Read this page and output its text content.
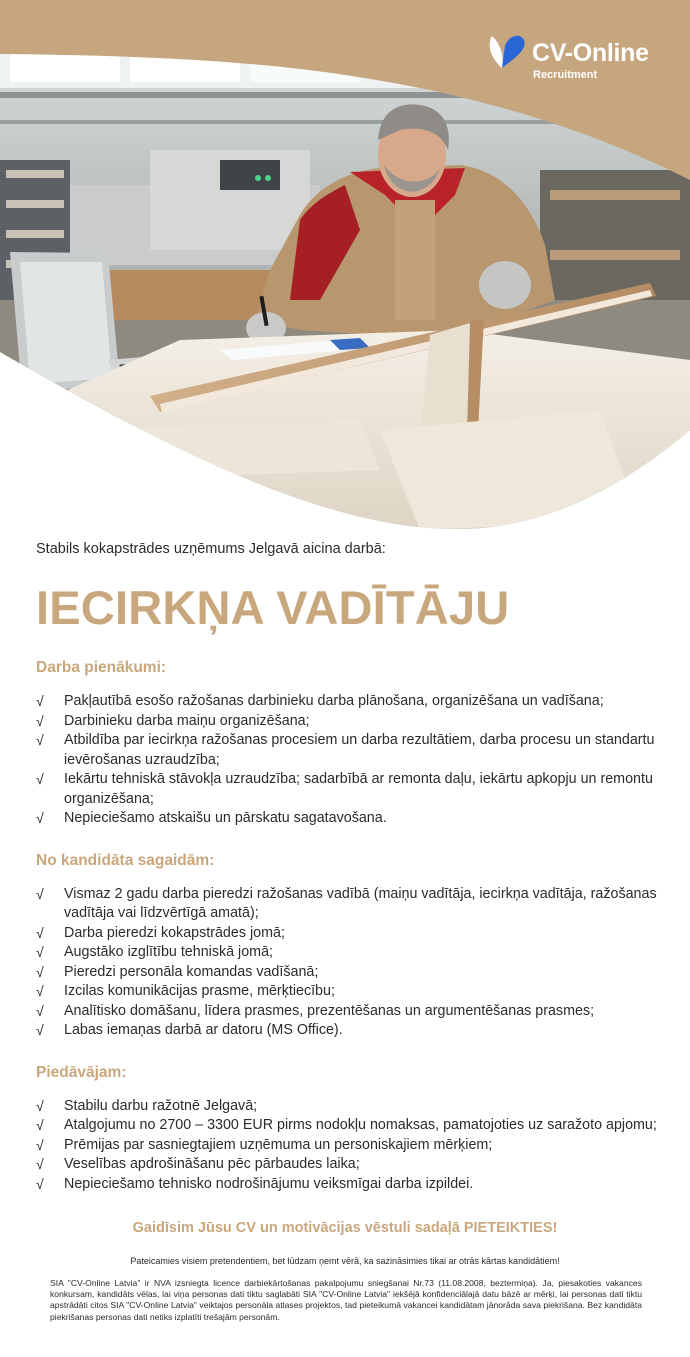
CV-Online
Recruitment

Stabils kokapstrādes uzņēmums Jelgavā aicina darbā:

IECIRKŅA VADĪTĀJU
Darba pienākumi:
√	Pakļautībā esošo ražošanas darbinieku darba plānošana, organizēšana un vadīšana;
√	Darbinieku darba maiņu organizēšana;
√	Atbildība par iecirkņa ražošanas procesiem un darba rezultātiem, darba procesu un standartu ievērošanas uzraudzība;
√	Iekārtu tehniskā stāvokļa uzraudzība; sadarbībā ar remonta daļu, iekārtu apkopju un remontu organizēšana;
√	Nepieciešamo atskaišu un pārskatu sagatavošana.
No kandidāta sagaidām:
√	Vismaz 2 gadu darba pieredzi ražošanas vadībā (maiņu vadītāja, iecirkņa vadītāja, ražošanas vadītāja vai līdzvērtīgā amatā);
√	Darba pieredzi kokapstrādes jomā;
√	Augstāko izglītību tehniskā jomā;
√	Pieredzi personāla komandas vadīšanā;
√	Izcilas komunikācijas prasme, mērķtiecību;
√	Analītisko domāšanu, līdera prasmes, prezentēšanas un argumentēšanas prasmes;
√	Labas iemaņas darbā ar datoru (MS Office).
Piedāvājam:
√	Stabilu darbu ražotnē Jelgavā;
√	Atalgojumu no 2700 – 3300 EUR pirms nodokļu nomaksas, pamatojoties uz saražoto apjomu;
√	Prēmijas par sasniegtajiem uzņēmuma un personiskajiem mērķiem;
√	Veselības apdrošināšanu pēc pārbaudes laika;
√	Nepieciešamo tehnisko nodrošinājumu veiksmīgai darba izpildei.

Gaidīsim Jūsu CV un motivācijas vēstuli sadaļā PIETEIKTIES!

Pateicamies visiem pretendentiem, bet lūdzam ņemt vērā, ka sazināsimies tikai ar otrās kārtas kandidātiem!

SIA "CV-Online Latvia" ir NVA izsniegta licence darbiekārtošanas pakalpojumu sniegšanai Nr.73 (11.08.2008, beztermiņa). Ja, piesakoties vakances konkursam, kandidāts vēlas, lai viņa personas dati tiktu saglabāti SIA "CV-Online Latvia" iekšējā konfidenciālajā datu bāzē ar mērķi, lai personas dati tiktu apstrādāti citos SIA "CV-Online Latvia" veiktajos personāla atlases projektos, tad pieteikumā vakancei kandidātam jānorāda sava piekrišana. Bez kandidāta piekrišanas personas dati netiks izplatīti trešajām personām.
